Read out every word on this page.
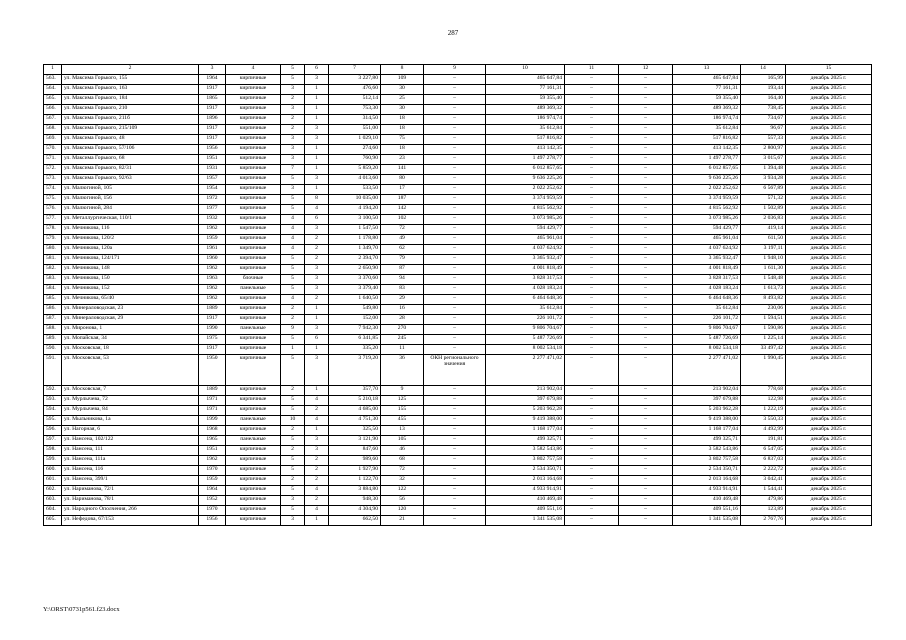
287
1	2	3	4	5	6	7	8	9	10	11	12	13	14	15
563.	ул. Максима Горького, 155	1964	кирпичные	5	3	3 227,80	109	–	465 647,84	–	–	465 647,84	165,99	декабрь 2025 г.
564.	ул. Максима Горького, 163	1917	кирпичные	3	1	476,60	30	–	77 161,31	–	–	77 161,31	193,44	декабрь 2025 г.
565.	ул. Максима Горького, 184	1865	кирпичные	2	1	512,14	25	–	59 355,40	–	–	59 355,40	164,40	декабрь 2025 г.
566.	ул. Максима Горького, 210	1917	кирпичные	3	1	753,30	30	–	489 369,32	–	–	489 369,32	738,45	декабрь 2025 г.
567.	ул. Максима Горького, 211б	1896	кирпичные	2	1	314,50	18	–	186 974,74	–	–	186 974,74	734,67	декабрь 2025 г.
568.	ул. Максима Горького, 215/109	1917	кирпичные	2	3	551,00	18	–	35 612,84	–	–	35 612,84	96,67	декабрь 2025 г.
569.	ул. Максима Горького, 48	1917	кирпичные	3	3	1 029,10	75	–	517 816,82	–	–	517 816,82	557,33	декабрь 2025 г.
570.	ул. Максима Горького, 57/106	1956	кирпичные	3	1	274,60	18	–	413 142,35	–	–	413 142,35	2 800,97	декабрь 2025 г.
571.	ул. Максима Горького, 68	1951	кирпичные	3	1	760,90	23	–	1 497 278,77	–	–	1 497 278,77	3 015,67	декабрь 2025 г.
572.	ул. Максима Горького, 82/31	1931	кирпичные	7	1	5 859,20	141	–	6 012 857,65	–	–	6 012 857,65	1 394,48	декабрь 2025 г.
573.	ул. Максима Горького, 92/63	1957	кирпичные	5	3	4 013,60	80	–	9 636 225,26	–	–	9 636 225,26	3 934,28	декабрь 2025 г.
574.	ул. Малюгиной, 105	1954	кирпичные	3	1	533,50	17	–	2 022 252,62	–	–	2 022 252,62	6 567,89	декабрь 2025 г.
575.	ул. Малюгиной, 156	1972	кирпичные	5	8	10 035,00	187	–	3 374 959,59	–	–	3 374 959,59	571,32	декабрь 2025 г.
576.	ул. Малюгиной, 284	1977	кирпичные	5	4	4 194,20	142	–	4 815 562,92	–	–	4 815 562,92	1 502,89	декабрь 2025 г.
577.	ул. Металлургическая, 110/1	1932	кирпичные	4	6	3 100,50	102	–	3 073 985,26	–	–	3 073 985,26	2 036,83	декабрь 2025 г.
578.	ул. Мечникова, 116	1962	кирпичные	4	3	1 547,50	72	–	594 429,77	–	–	594 429,77	419,14	декабрь 2025 г.
579.	ул. Мечникова, 120/2	1959	кирпичные	4	2	1 178,80	49	–	465 961,04	–	–	465 961,04	611,50	декабрь 2025 г.
580.	ул. Мечникова, 120а	1961	кирпичные	4	2	1 349,70	62	–	4 037 624,92	–	–	4 037 624,92	3 197,11	декабрь 2025 г.
581.	ул. Мечникова, 124/171	1960	кирпичные	5	2	2 394,70	79	–	3 365 932,47	–	–	3 365 932,47	1 948,10	декабрь 2025 г.
582.	ул. Мечникова, 148	1962	кирпичные	5	3	2 650,90	87	–	4 001 818,49	–	–	4 001 818,49	1 611,30	декабрь 2025 г.
583.	ул. Мечникова, 150	1963	блочные	5	3	3 370,60	94	–	3 828 317,53	–	–	3 828 317,53	1 548,48	декабрь 2025 г.
584.	ул. Мечникова, 152	1962	панельные	5	3	3 379,40	83	–	4 028 183,24	–	–	4 028 183,24	1 613,73	декабрь 2025 г.
585.	ул. Мечникова, 65/40	1962	кирпичные	4	2	1 640,50	29	–	6 464 648,36	–	–	6 464 648,36	8 493,82	декабрь 2025 г.
586.	ул. Минераловодская, 23	1889	кирпичные	2	1	549,80	16	–	35 612,84	–	–	35 612,84	230,06	декабрь 2025 г.
587.	ул. Минераловодская, 29	1917	кирпичные	2	1	152,00	28	–	226 101,72	–	–	226 101,72	1 594,51	декабрь 2025 г.
588.	ул. Миронова, 1	1990	панельные	9	3	7 942,30	270	–	9 806 704,67	–	–	9 806 704,67	1 590,86	декабрь 2025 г.
589.	ул. Мопайская, 34	1975	кирпичные	5	6	6 341,85	245	–	5 487 726,69	–	–	5 487 726,69	1 225,14	декабрь 2025 г.
590.	ул. Московская, 18	1917	кирпичные	1	1	335,20	11	–	8 002 534,18	–	–	8 002 534,18	33 497,42	декабрь 2025 г.
591.	ул. Московская, 53	1950	кирпичные	5	3	3 719,20	36	ОКН регионального значения	2 277 471,02	–	–	2 277 471,02	1 990,45	декабрь 2025 г.
592.	ул. Московская, 7	1889	кирпичные	2	1	357,70	9	–	213 902,04	–	–	213 902,04	778,68	декабрь 2025 г.
593.	ул. Мурлычева, 72	1971	кирпичные	5	4	5 210,18	125	–	397 679,88	–	–	397 679,88	122,98	декабрь 2025 г.
594.	ул. Мурлычева, 84	1971	кирпичные	5	2	4 685,00	155	–	5 203 962,28	–	–	5 203 962,28	1 222,19	декабрь 2025 г.
595.	ул. Мыльникова, 1а	1999	панельные	10	4	4 751,30	455	–	9 419 388,00	–	–	9 419 388,00	3 550,33	декабрь 2025 г.
596.	ул. Нагорная, 6	1968	кирпичные	2	1	325,50	13	–	1 168 177,04	–	–	1 168 177,04	4 492,99	декабрь 2025 г.
597.	ул. Нансена, 102/122	1965	панельные	5	3	3 121,90	105	–	499 325,71	–	–	499 325,71	191,81	декабрь 2025 г.
598.	ул. Нансена, 111	1951	кирпичные	2	3	847,60	46	–	3 582 543,86	–	–	3 582 543,86	6 547,05	декабрь 2025 г.
599.	ул. Нансена, 111а	1962	кирпичные	5	2	989,60	68	–	3 802 757,58	–	–	3 802 757,58	6 837,03	декабрь 2025 г.
600.	ул. Нансена, 116	1970	кирпичные	5	2	1 927,90	72	–	2 534 350,71	–	–	2 534 350,71	2 222,72	декабрь 2025 г.
601.	ул. Нансена, 399/1	1959	кирпичные	2	2	1 122,70	32	–	2 013 164,68	–	–	2 013 164,68	3 042,41	декабрь 2025 г.
602.	ул. Нариманова, 72/1	1964	кирпичные	5	4	3 884,80	122	–	4 933 914,91	–	–	4 933 914,91	1 544,41	декабрь 2025 г.
603.	ул. Нариманова, 78/1	1952	кирпичные	3	2	948,30	56	–	410 469,48	–	–	410 469,48	479,86	декабрь 2025 г.
604.	ул. Народного Ополчения, 266	1970	кирпичные	5	4	4 304,90	120	–	409 551,16	–	–	409 551,16	123,89	декабрь 2025 г.
605.	ул. Нефедова, 67/153	1956	кирпичные	3	1	662,50	21	–	1 341 535,08	–	–	1 341 535,08	2 767,76	декабрь 2025 г.
Y:\ORST\0731p561.f23.docx
